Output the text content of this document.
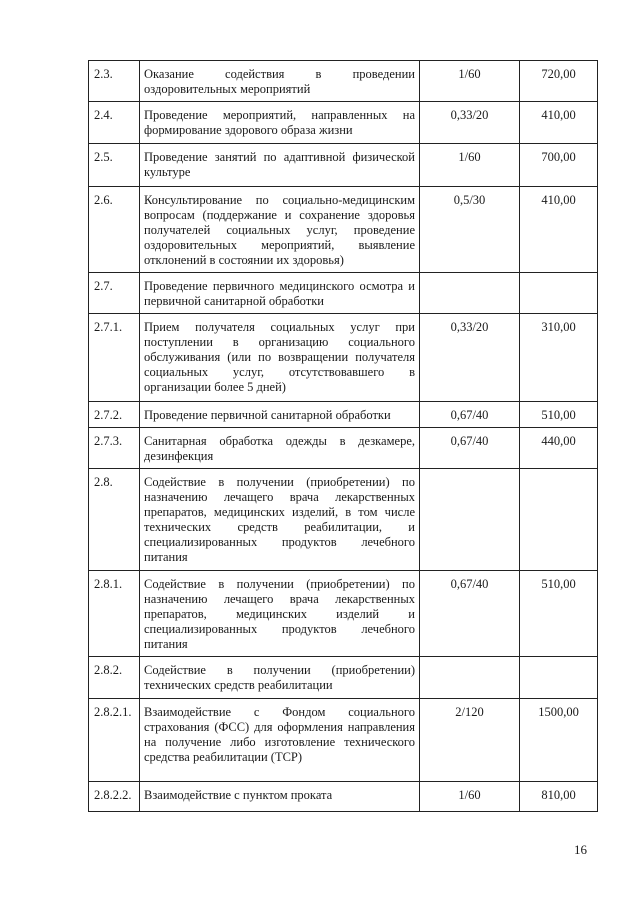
2.3.	Оказание содействия в проведении оздоровительных мероприятий	1/60	720,00
2.4.	Проведение мероприятий, направленных на формирование здорового образа жизни	0,33/20	410,00
2.5.	Проведение занятий по адаптивной физической культуре	1/60	700,00
2.6.	Консультирование по социально-медицинским вопросам (поддержание и сохранение здоровья получателей социальных услуг, проведение оздоровительных мероприятий, выявление отклонений в состоянии их здоровья)	0,5/30	410,00
2.7.	Проведение первичного медицинского осмотра и первичной санитарной обработки		
2.7.1.	Прием получателя социальных услуг при поступлении в организацию социального обслуживания (или по возвращении получателя социальных услуг, отсутствовавшего в организации более 5 дней)	0,33/20	310,00
2.7.2.	Проведение первичной санитарной обработки	0,67/40	510,00
2.7.3.	Санитарная обработка одежды в дезкамере, дезинфекция	0,67/40	440,00
2.8.	Содействие в получении (приобретении) по назначению лечащего врача лекарственных препаратов, медицинских изделий, в том числе технических средств реабилитации, и специализированных продуктов лечебного питания		
2.8.1.	Содействие в получении (приобретении) по назначению лечащего врача лекарственных препаратов, медицинских изделий и специализированных продуктов лечебного питания	0,67/40	510,00
2.8.2.	Содействие в получении (приобретении) технических средств реабилитации		
2.8.2.1.	Взаимодействие с Фондом социального страхования (ФСС) для оформления направления на получение либо изготовление технического средства реабилитации (ТСР)	2/120	1500,00
2.8.2.2.	Взаимодействие с пунктом проката	1/60	810,00
16
